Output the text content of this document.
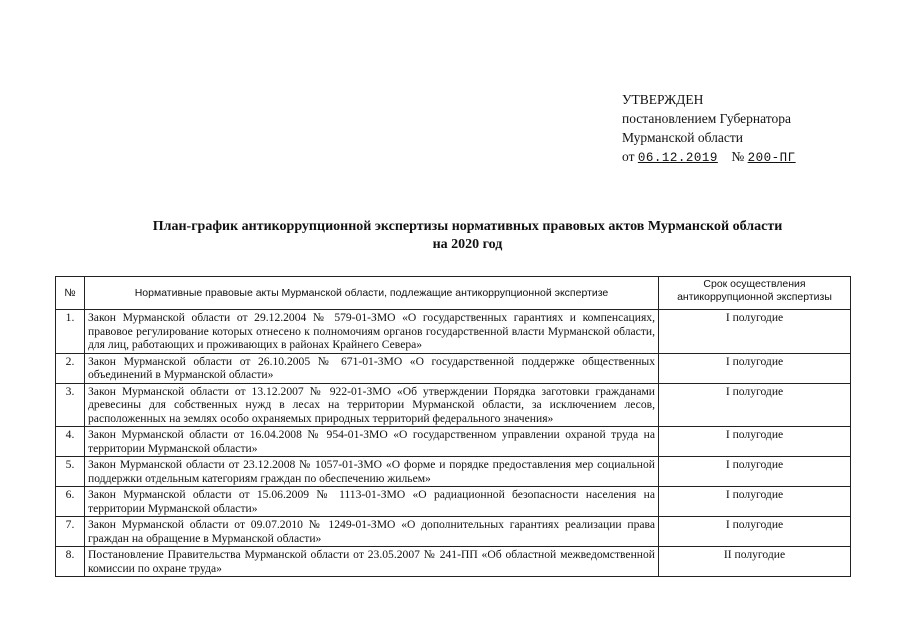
УТВЕРЖДЕН
постановлением Губернатора
Мурманской области
от 06.12.2019 № 200-ПГ
План-график антикоррупционной экспертизы нормативных правовых актов Мурманской области
на 2020 год
№	Нормативные правовые акты Мурманской области, подлежащие антикоррупционной экспертизе	Срок осуществления антикоррупционной экспертизы
1.	Закон Мурманской области от 29.12.2004 № 579-01-ЗМО «О государственных гарантиях и компенсациях, правовое регулирование которых отнесено к полномочиям органов государственной власти Мурманской области, для лиц, работающих и проживающих в районах Крайнего Севера»	I полугодие
2.	Закон Мурманской области от 26.10.2005 № 671-01-ЗМО «О государственной поддержке общественных объединений в Мурманской области»	I полугодие
3.	Закон Мурманской области от 13.12.2007 № 922-01-ЗМО «Об утверждении Порядка заготовки гражданами древесины для собственных нужд в лесах на территории Мурманской области, за исключением лесов, расположенных на землях особо охраняемых природных территорий федерального значения»	I полугодие
4.	Закон Мурманской области от 16.04.2008 № 954-01-ЗМО «О государственном управлении охраной труда на территории Мурманской области»	I полугодие
5.	Закон Мурманской области от 23.12.2008 № 1057-01-ЗМО «О форме и порядке предоставления мер социальной поддержки отдельным категориям граждан по обеспечению жильем»	I полугодие
6.	Закон Мурманской области от 15.06.2009 № 1113-01-ЗМО «О радиационной безопасности населения на территории Мурманской области»	I полугодие
7.	Закон Мурманской области от 09.07.2010 № 1249-01-ЗМО «О дополнительных гарантиях реализации права граждан на обращение в Мурманской области»	I полугодие
8.	Постановление Правительства Мурманской области от 23.05.2007 № 241-ПП «Об областной межведомственной комиссии по охране труда»	II полугодие
